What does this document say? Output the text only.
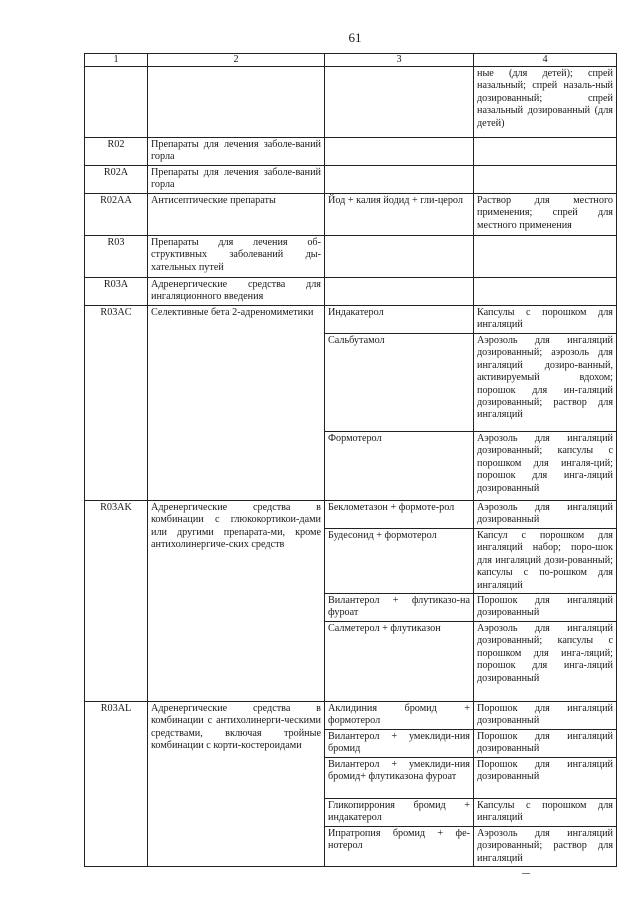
61
1	2	3	4
			ные (для детей); спрей назальный; спрей назаль-ный дозированный; спрей назальный дозированный (для детей)
R02	Препараты для лечения заболе-ваний горла		
R02A	Препараты для лечения заболе-ваний горла		
R02AA	Антисептические препараты	Йод + калия йодид + гли-церол	Раствор для местного применения; спрей для местного применения
R03	Препараты для лечения об-структивных заболеваний ды-хательных путей		
R03A	Адренергические средства для ингаляционного введения		
R03AC	Селективные бета 2-адреномиметики	Индакатерол	Капсулы с порошком для ингаляций
		Сальбутамол	Аэрозоль для ингаляций дозированный; аэрозоль для ингаляций дозиро-ванный, активируемый вдохом; порошок для ин-галяций дозированный; раствор для ингаляций
		Формотерол	Аэрозоль для ингаляций дозированный; капсулы с порошком для ингаля-ций; порошок для инга-ляций дозированный
R03AK	Адренергические средства в комбинации с глюкокортикои-дами или другими препарата-ми, кроме антихолинергиче-ских средств	Беклометазон + формоте-рол	Аэрозоль для ингаляций дозированный
		Будесонид + формотерол	Капсул с порошком для ингаляций набор; поро-шок для ингаляций дози-рованный; капсулы с по-рошком для ингаляций
		Вилантерол + флутиказо-на фуроат	Порошок для ингаляций дозированный
		Салметерол + флутиказон	Аэрозоль для ингаляций дозированный; капсулы с порошком для инга-ляций; порошок для инга-ляций дозированный
R03AL	Адренергические средства в комбинации с антихолинерги-ческими средствами, включая тройные комбинации с корти-костероидами	Аклидиния бромид + формотерол	Порошок для ингаляций дозированный
		Вилантерол + умеклиди-ния бромид	Порошок для ингаляций дозированный
		Вилантерол + умеклиди-ния бромид+ флутиказона фуроат	Порошок для ингаляций дозированный
		Гликопиррония бромид + индакатерол	Капсулы с порошком для ингаляций
		Ипратропия бромид + фе-нотерол	Аэрозоль для ингаляций дозированный; раствор для ингаляций
